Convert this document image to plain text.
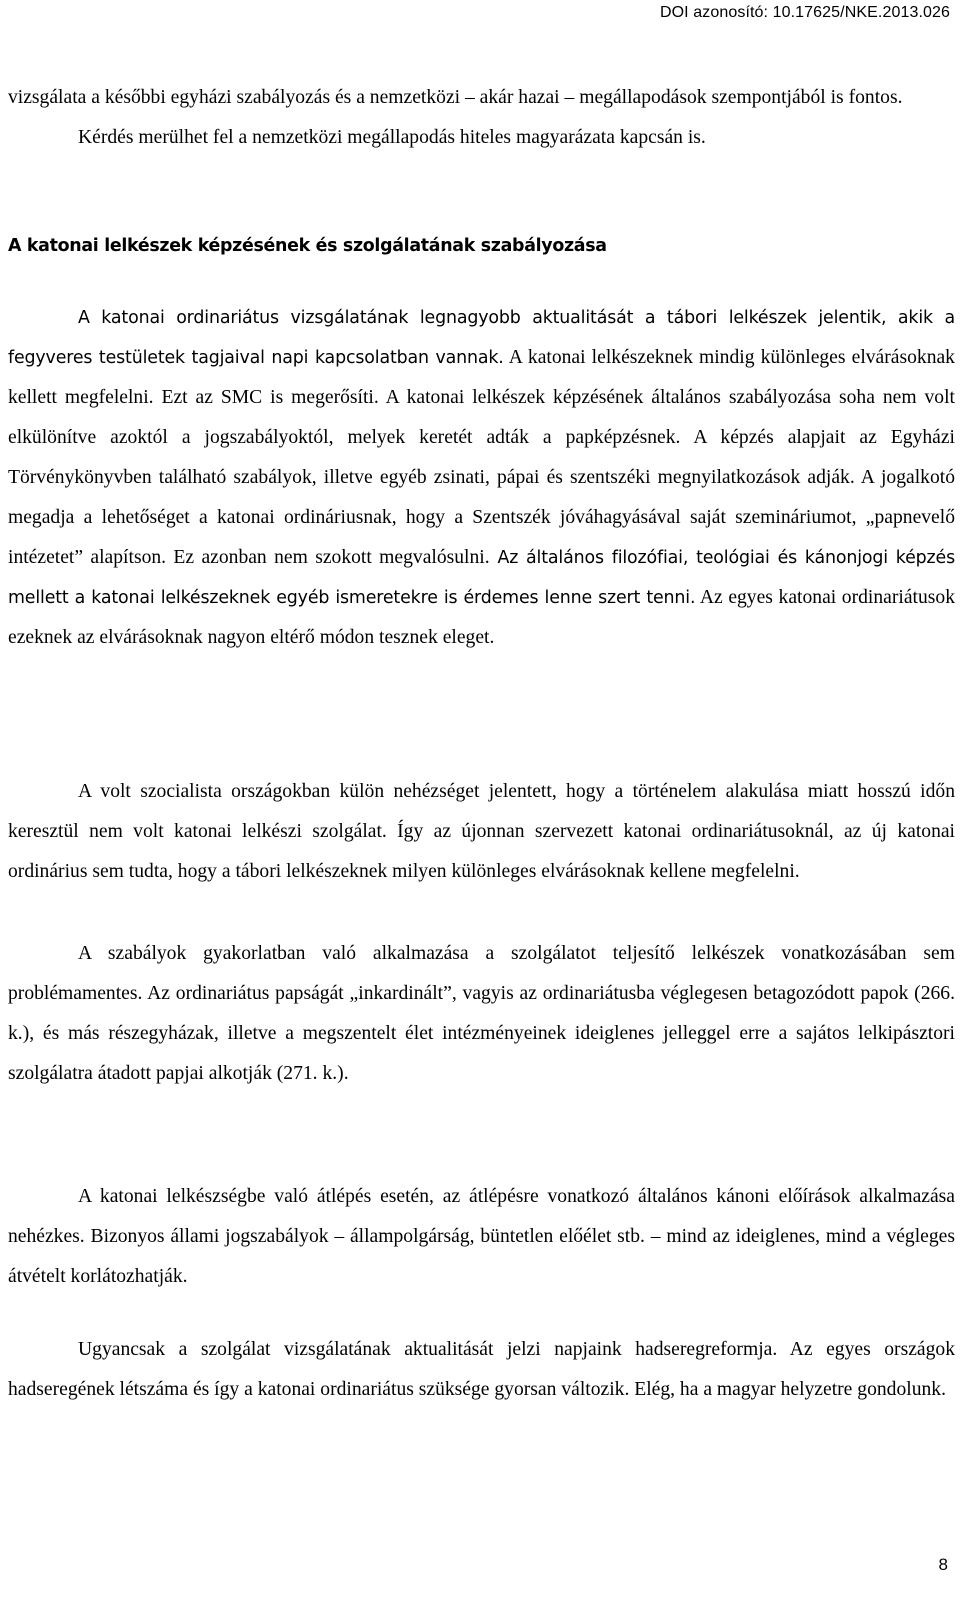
DOI azonosító: 10.17625/NKE.2013.026

vizsgálata a későbbi egyházi szabályozás és a nemzetközi – akár hazai – megállapodások szempontjából is fontos.

Kérdés merülhet fel a nemzetközi megállapodás hiteles magyarázata kapcsán is.

A katonai lelkészek képzésének és szolgálatának szabályozása

A katonai ordinariátus vizsgálatának legnagyobb aktualitását a tábori lelkészek jelentik, akik a fegyveres testületek tagjaival napi kapcsolatban vannak. A katonai lelkészeknek mindig különleges elvárásoknak kellett megfelelni. Ezt az SMC is megerősíti. A katonai lelkészek képzésének általános szabályozása soha nem volt elkülönítve azoktól a jogszabályoktól, melyek keretét adták a papképzésnek. A képzés alapjait az Egyházi Törvénykönyvben található szabályok, illetve egyéb zsinati, pápai és szentszéki megnyilatkozások adják. A jogalkotó megadja a lehetőséget a katonai ordináriusnak, hogy a Szentszék jóváhagyásával saját szemináriumot, „papnevelő intézetet” alapítson. Ez azonban nem szokott megvalósulni. Az általános filozófiai, teológiai és kánonjogi képzés mellett a katonai lelkészeknek egyéb ismeretekre is érdemes lenne szert tenni. Az egyes katonai ordinariátusok ezeknek az elvárásoknak nagyon eltérő módon tesznek eleget.

A volt szocialista országokban külön nehézséget jelentett, hogy a történelem alakulása miatt hosszú időn keresztül nem volt katonai lelkészi szolgálat. Így az újonnan szervezett katonai ordinariátusoknál, az új katonai ordinárius sem tudta, hogy a tábori lelkészeknek milyen különleges elvárásoknak kellene megfelelni.

A szabályok gyakorlatban való alkalmazása a szolgálatot teljesítő lelkészek vonatkozásában sem problémamentes. Az ordinariátus papságát „inkardinált”, vagyis az ordinariátusba véglegesen betagozódott papok (266. k.), és más részegyházak, illetve a megszentelt élet intézményeinek ideiglenes jelleggel erre a sajátos lelkipásztori szolgálatra átadott papjai alkotják (271. k.).

A katonai lelkészségbe való átlépés esetén, az átlépésre vonatkozó általános kánoni előírások alkalmazása nehézkes. Bizonyos állami jogszabályok – állampolgárság, büntetlen előélet stb. – mind az ideiglenes, mind a végleges átvételt korlátozhatják.

Ugyancsak a szolgálat vizsgálatának aktualitását jelzi napjaink hadseregreformja. Az egyes országok hadseregének létszáma és így a katonai ordinariátus szüksége gyorsan változik. Elég, ha a magyar helyzetre gondolunk.

8
